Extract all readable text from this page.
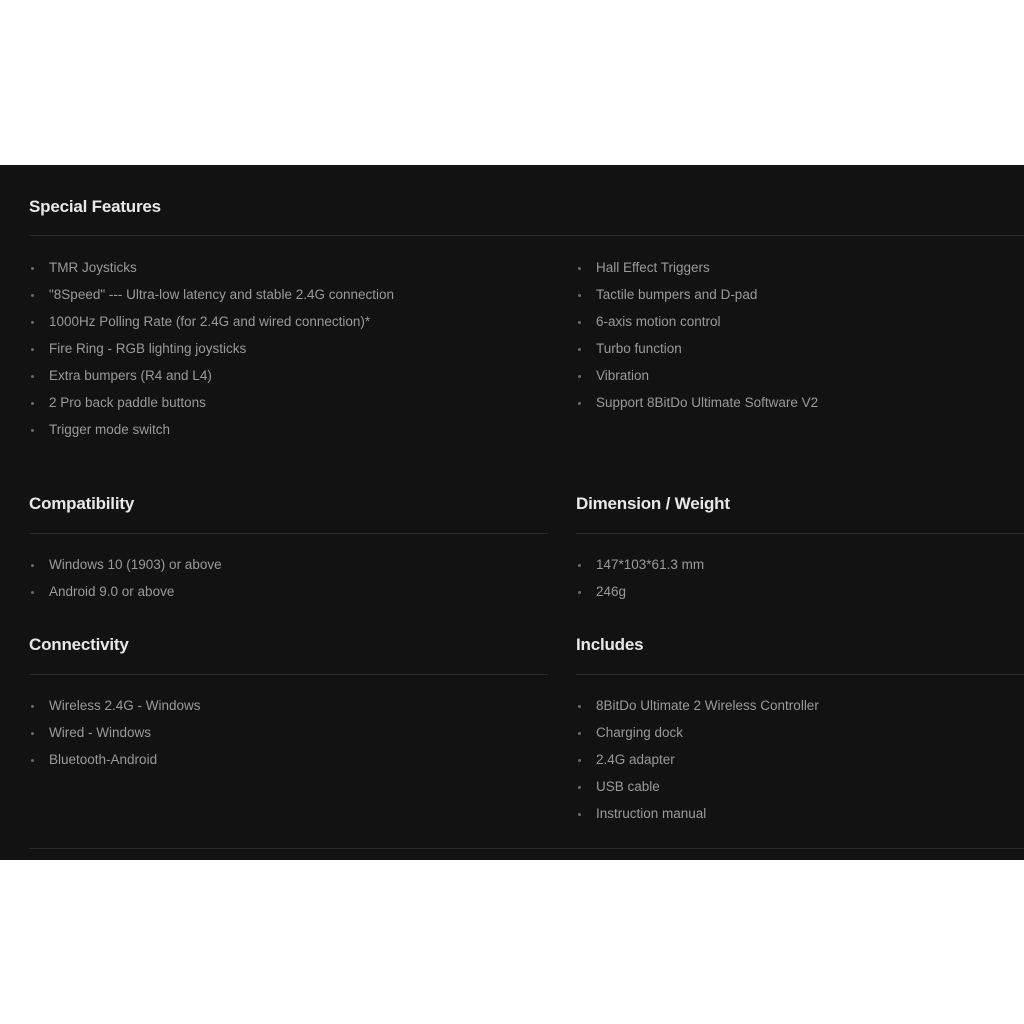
Special Features
TMR Joysticks
"8Speed" --- Ultra-low latency and stable 2.4G connection
1000Hz Polling Rate (for 2.4G and wired connection)*
Fire Ring - RGB lighting joysticks
Extra bumpers (R4 and L4)
2 Pro back paddle buttons
Trigger mode switch
Hall Effect Triggers
Tactile bumpers and D-pad
6-axis motion control
Turbo function
Vibration
Support 8BitDo Ultimate Software V2
Compatibility
Windows 10 (1903) or above
Android 9.0 or above
Dimension / Weight
147*103*61.3 mm
246g
Connectivity
Wireless 2.4G - Windows
Wired - Windows
Bluetooth-Android
Includes
8BitDo Ultimate 2 Wireless Controller
Charging dock
2.4G adapter
USB cable
Instruction manual
